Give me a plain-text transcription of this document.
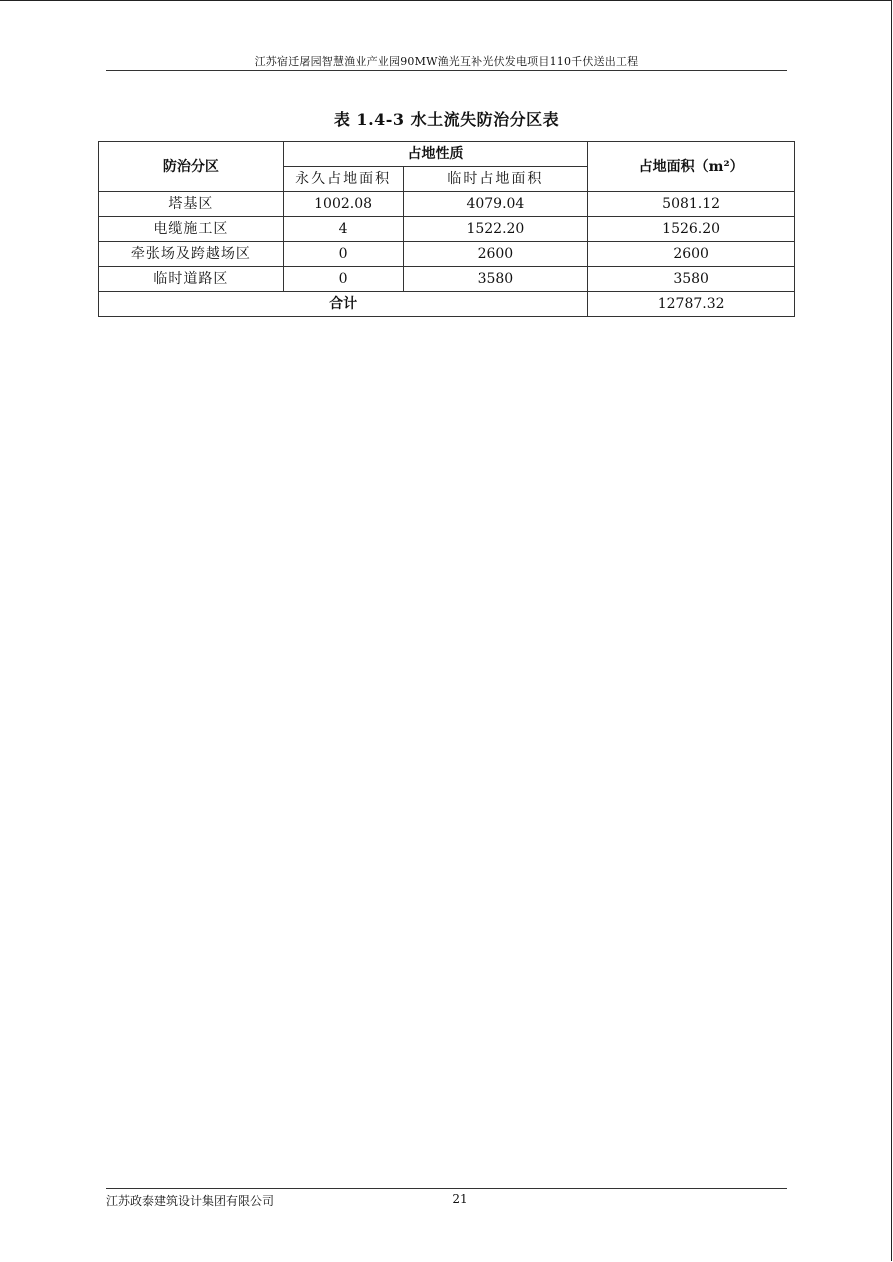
江苏宿迁屠园智慧渔业产业园90MW渔光互补光伏发电项目110千伏送出工程
表 1.4-3 水土流失防治分区表
防治分区	占地性质		占地面积（m²）
	永久占地面积	临时占地面积	
塔基区	1002.08	4079.04	5081.12
电缆施工区	4	1522.20	1526.20
牵张场及跨越场区	0	2600	2600
临时道路区	0	3580	3580
合计			12787.32
江苏政泰建筑设计集团有限公司	21
